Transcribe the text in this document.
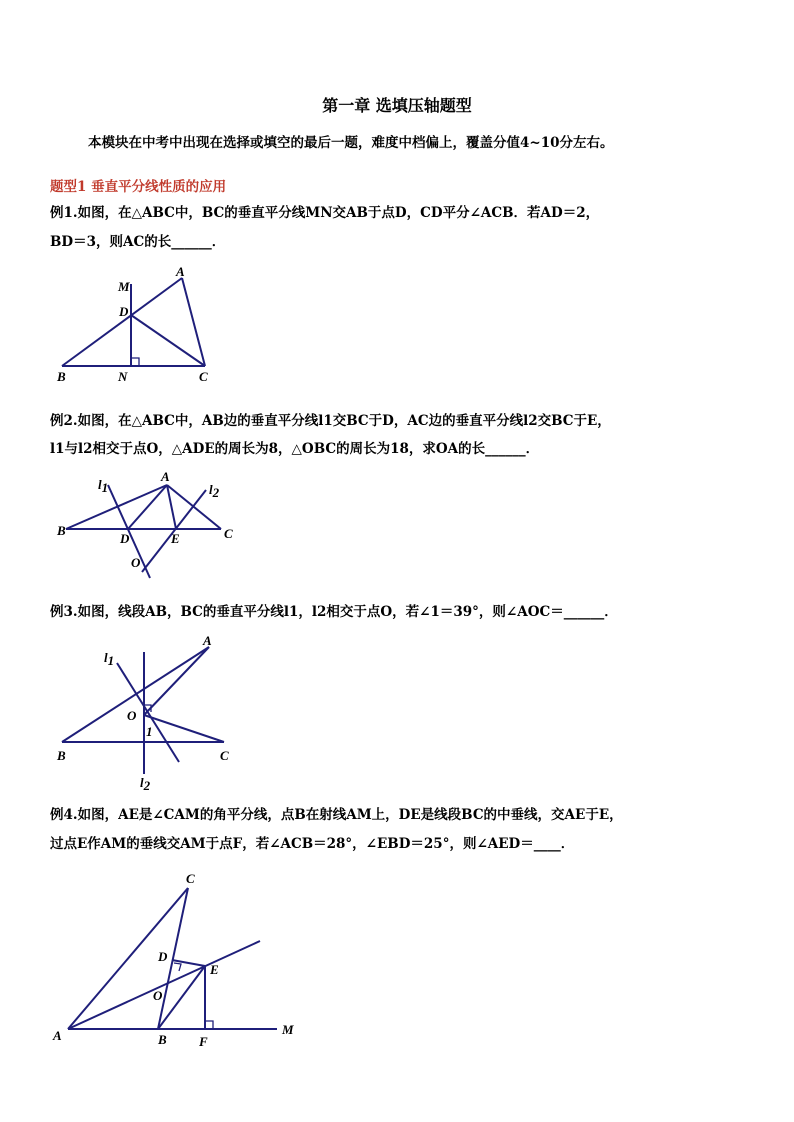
第一章 选填压轴题型
本模块在中考中出现在选择或填空的最后一题，难度中档偏上，覆盖分值4~10分左右。
题型1 垂直平分线性质的应用
例1.如图，在△ABC中，BC的垂直平分线MN交AB于点D，CD平分∠ACB．若AD＝2，
BD＝3，则AC的长______．
例2.如图，在△ABC中，AB边的垂直平分线l1交BC于D，AC边的垂直平分线l2交BC于E，
l1与l2相交于点O，△ADE的周长为8，△OBC的周长为18，求OA的长______．
例3.如图，线段AB，BC的垂直平分线l1，l2相交于点O，若∠1＝39°，则∠AOC＝______．
例4.如图，AE是∠CAM的角平分线，点B在射线AM上，DE是线段BC的中垂线，交AE于E，
过点E作AM的垂线交AM于点F，若∠ACB＝28°，∠EBD＝25°，则∠AED＝____．
A
M
D
B	N	C
A
l1	l2
B
D	E	C
O
A
l1
O
1
B	C
l2
C
D
E
O
A	B F
M
